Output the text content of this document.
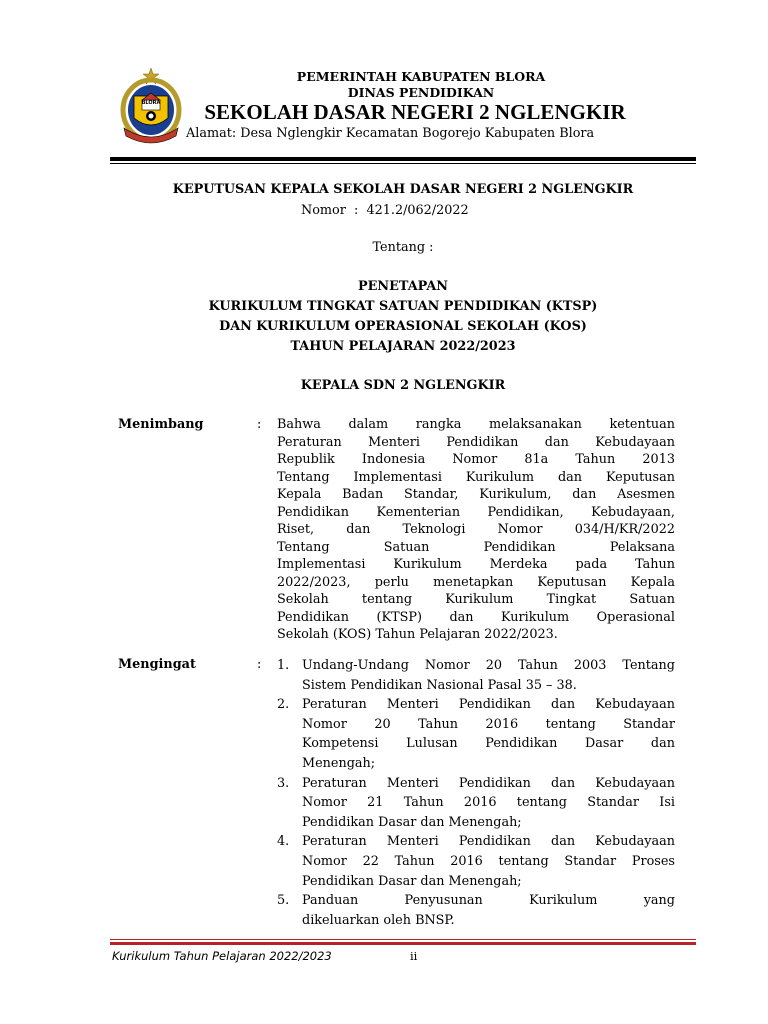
BLORA
PEMERINTAH KABUPATEN BLORA
DINAS PENDIDIKAN
SEKOLAH DASAR NEGERI 2 NGLENGKIR
Alamat: Desa Nglengkir Kecamatan Bogorejo Kabupaten Blora
KEPUTUSAN KEPALA SEKOLAH DASAR NEGERI 2 NGLENGKIR
Nomor : 421.2/062/2022
Tentang :
PENETAPAN
KURIKULUM TINGKAT SATUAN PENDIDIKAN (KTSP)
DAN KURIKULUM OPERASIONAL SEKOLAH (KOS)
TAHUN PELAJARAN 2022/2023
KEPALA SDN 2 NGLENGKIR
Menimbang	: Bahwa dalam rangka melaksanakan ketentuan
Peraturan Menteri Pendidikan dan Kebudayaan
Republik Indonesia Nomor 81a Tahun 2013
Tentang Implementasi Kurikulum dan Keputusan
Kepala Badan Standar, Kurikulum, dan Asesmen
Pendidikan Kementerian Pendidikan, Kebudayaan,
Riset, dan Teknologi Nomor 034/H/KR/2022
Tentang Satuan Pendidikan Pelaksana
Implementasi Kurikulum Merdeka pada Tahun
2022/2023, perlu menetapkan Keputusan Kepala
Sekolah tentang Kurikulum Tingkat Satuan
Pendidikan (KTSP) dan Kurikulum Operasional
Sekolah (KOS) Tahun Pelajaran 2022/2023.
Mengingat	: 1. Undang-Undang Nomor 20 Tahun 2003 Tentang
Sistem Pendidikan Nasional Pasal 35 – 38.
2. Peraturan Menteri Pendidikan dan Kebudayaan
Nomor 20 Tahun 2016 tentang Standar
Kompetensi Lulusan Pendidikan Dasar dan
Menengah;
3. Peraturan Menteri Pendidikan dan Kebudayaan
Nomor 21 Tahun 2016 tentang Standar Isi
Pendidikan Dasar dan Menengah;
4. Peraturan Menteri Pendidikan dan Kebudayaan
Nomor 22 Tahun 2016 tentang Standar Proses
Pendidikan Dasar dan Menengah;
5. Panduan Penyusunan Kurikulum yang
dikeluarkan oleh BNSP.
Kurikulum Tahun Pelajaran 2022/2023	ii
